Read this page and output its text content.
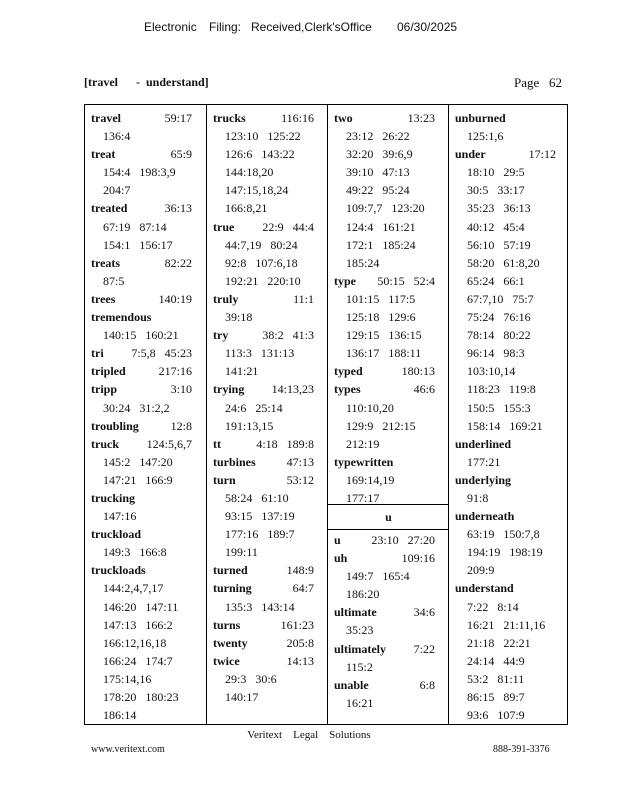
Electronic Filing: Received,Clerk'sOffice 06/30/2025
[travel      -  understand]	Page   62
travel	59:17
136:4
treat	65:9
154:4   198:3,9
204:7
treated	36:13
67:19   87:14
154:1   156:17
treats	82:22
87:5
trees	140:19
tremendous
140:15   160:21
tri 7:5,8   45:23
tripled	217:16
tripp	3:10
30:24   31:2,2
troubling	12:8
truck 124:5,6,7
145:2   147:20
147:21   166:9
trucking
147:16
truckload
149:3   166:8
truckloads
144:2,4,7,17
146:20   147:11
147:13   166:2
166:12,16,18
166:24   174:7
175:14,16
178:20   180:23
186:14
trucks	116:16
123:10   125:22
126:6   143:22
144:18,20
147:15,18,24
166:8,21
true 22:9   44:4
44:7,19   80:24
92:8   107:6,18
192:21   220:10
truly	11:1
39:18
try	38:2   41:3
113:3   131:13
141:21
trying 14:13,23
24:6   25:14
191:13,15
tt	4:18   189:8
turbines	47:13
turn	53:12
58:24   61:10
93:15   137:19
177:16   189:7
199:11
turned	148:9
turning	64:7
135:3   143:14
turns	161:23
twenty	205:8
twice	14:13
29:3   30:6
140:17
two	13:23
23:12   26:22
32:20   39:6,9
39:10   47:13
49:22   95:24
109:7,7   123:20
124:4   161:21
172:1   185:24
185:24
type 50:15   52:4
101:15   117:5
125:18   129:6
129:15   136:15
136:17   188:11
typed	180:13
types	46:6
110:10,20
129:9   212:15
212:19
typewritten
169:14,19
177:17
u
u	23:10   27:20
uh	109:16
149:7   165:4
186:20
ultimate	34:6
35:23
ultimately 7:22
115:2
unable	6:8
16:21
unburned
125:1,6
under	17:12
18:10   29:5
30:5   33:17
35:23   36:13
40:12   45:4
56:10   57:19
58:20   61:8,20
65:24   66:1
67:7,10   75:7
75:24   76:16
78:14   80:22
96:14   98:3
103:10,14
118:23   119:8
150:5   155:3
158:14   169:21
underlined
177:21
underlying
91:8
underneath
63:19   150:7,8
194:19   198:19
209:9
understand
7:22   8:14
16:21   21:11,16
21:18   22:21
24:14   44:9
53:2   81:11
86:15   89:7
93:6   107:9
Veritext    Legal    Solutions
www.veritext.com	888-391-3376
